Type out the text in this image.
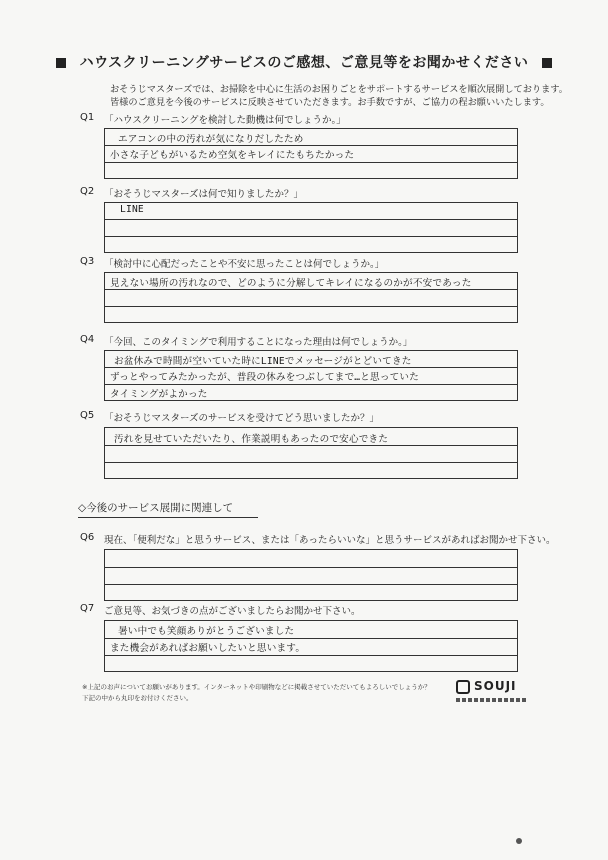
ハウスクリーニングサービスのご感想、ご意見等をお聞かせください
おそうじマスターズでは、お掃除を中心に生活のお困りごとをサポートするサービスを順次展開しております。
皆様のご意見を今後のサービスに反映させていただきます。お手数ですが、ご協力の程お願いいたします。
Q1 「ハウスクリーニングを検討した動機は何でしょうか。」
エアコンの中の汚れが気になりだしたため
小さな子どもがいるため空気をキレイにたもちたかった
Q2 「おそうじマスターズは何で知りましたか？」
LINE
Q3 「検討中に心配だったことや不安に思ったことは何でしょうか。」
見えない場所の汚れなので、どのように分解してキレイになるのかが不安であった
Q4 「今回、このタイミングで利用することになった理由は何でしょうか。」
お盆休みで時間が空いていた時にLINEでメッセージがとどいてきた
ずっとやってみたかったが、普段の休みをつぶしてまで…と思っていた
タイミングがよかった
Q5 「おそうじマスターズのサービスを受けてどう思いましたか？」
汚れを見せていただいたり、作業説明もあったので安心できた
◇今後のサービス展開に関連して
Q6 現在、「便利だな」と思うサービス、または「あったらいいな」と思うサービスがあればお聞かせ下さい。
Q7 ご意見等、お気づきの点がございましたらお聞かせ下さい。
暑い中でも笑顔ありがとうございました
また機会があればお願いしたいと思います。
※上記のお声についてお願いがあります。インターネットや印刷物などに掲載させていただいてもよろしいでしょうか？
下記の中から丸印をお付けください。
SOUJI
